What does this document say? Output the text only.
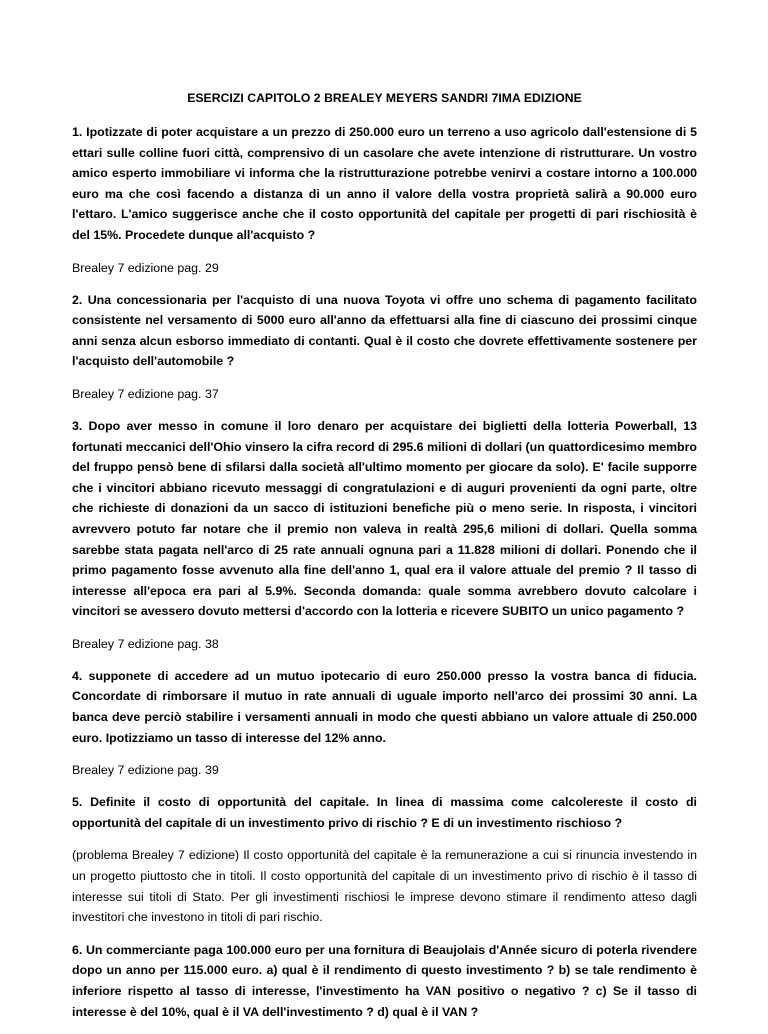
ESERCIZI CAPITOLO 2 BREALEY MEYERS SANDRI 7IMA EDIZIONE

1. Ipotizzate di poter acquistare a un prezzo di 250.000 euro un terreno a uso agricolo dall'estensione di 5 ettari sulle colline fuori città, comprensivo di un casolare che avete intenzione di ristrutturare. Un vostro amico esperto immobiliare vi informa che la ristrutturazione potrebbe venirvi a costare intorno a 100.000 euro ma che così facendo a distanza di un anno il valore della vostra proprietà salirà a 90.000 euro l'ettaro. L'amico suggerisce anche che il costo opportunità del capitale per progetti di pari rischiosità è del 15%. Procedete dunque all'acquisto ?

Brealey 7 edizione pag. 29

2. Una concessionaria per l'acquisto di una nuova Toyota vi offre uno schema di pagamento facilitato consistente nel versamento di 5000 euro all'anno da effettuarsi alla fine di ciascuno dei prossimi cinque anni senza alcun esborso immediato di contanti. Qual è il costo che dovrete effettivamente sostenere per l'acquisto dell'automobile ?

Brealey 7 edizione pag. 37

3. Dopo aver messo in comune il loro denaro per acquistare dei biglietti della lotteria Powerball, 13 fortunati meccanici dell'Ohio vinsero la cifra record di 295.6 milioni di dollari (un quattordicesimo membro del fruppo pensò bene di sfilarsi dalla società all'ultimo momento per giocare da solo). E' facile supporre che i vincitori abbiano ricevuto messaggi di congratulazioni e di auguri provenienti da ogni parte, oltre che richieste di donazioni da un sacco di istituzioni benefiche più o meno serie. In risposta, i vincitori avrevvero potuto far notare che il premio non valeva in realtà 295,6 milioni di dollari. Quella somma sarebbe stata pagata nell'arco di 25 rate annuali ognuna pari a 11.828 milioni di dollari. Ponendo che il primo pagamento fosse avvenuto alla fine dell'anno 1, qual era il valore attuale del premio ? Il tasso di interesse all'epoca era pari al 5.9%. Seconda domanda: quale somma avrebbero dovuto calcolare i vincitori se avessero dovuto mettersi d'accordo con la lotteria e ricevere SUBITO un unico pagamento ?

Brealey 7 edizione pag. 38

4. supponete di accedere ad un mutuo ipotecario di euro 250.000 presso la vostra banca di fiducia. Concordate di rimborsare il mutuo in rate annuali di uguale importo nell'arco dei prossimi 30 anni. La banca deve perciò stabilire i versamenti annuali in modo che questi abbiano un valore attuale di 250.000 euro. Ipotizziamo un tasso di interesse del 12% anno.

Brealey 7 edizione pag. 39

5. Definite il costo di opportunità del capitale. In linea di massima come calcolereste il costo di opportunità del capitale di un investimento privo di rischio ? E di un investimento rischioso ?

(problema Brealey 7 edizione) Il costo opportunità del capitale è la remunerazione a cui si rinuncia investendo in un progetto piuttosto che in titoli. Il costo opportunità del capitale di un investimento privo di rischio è il tasso di interesse sui titoli di Stato. Per gli investimenti rischiosi le imprese devono stimare il rendimento atteso dagli investitori che investono in titoli di pari rischio.

6. Un commerciante paga 100.000 euro per una fornitura di Beaujolais d'Année sicuro di poterla rivendere dopo un anno per 115.000 euro. a) qual è il rendimento di questo investimento ? b) se tale rendimento è inferiore rispetto al tasso di interesse, l'investimento ha VAN positivo o negativo ? c) Se il tasso di interesse è del 10%, qual è il VA dell'investimento ? d) qual è il VAN ?
